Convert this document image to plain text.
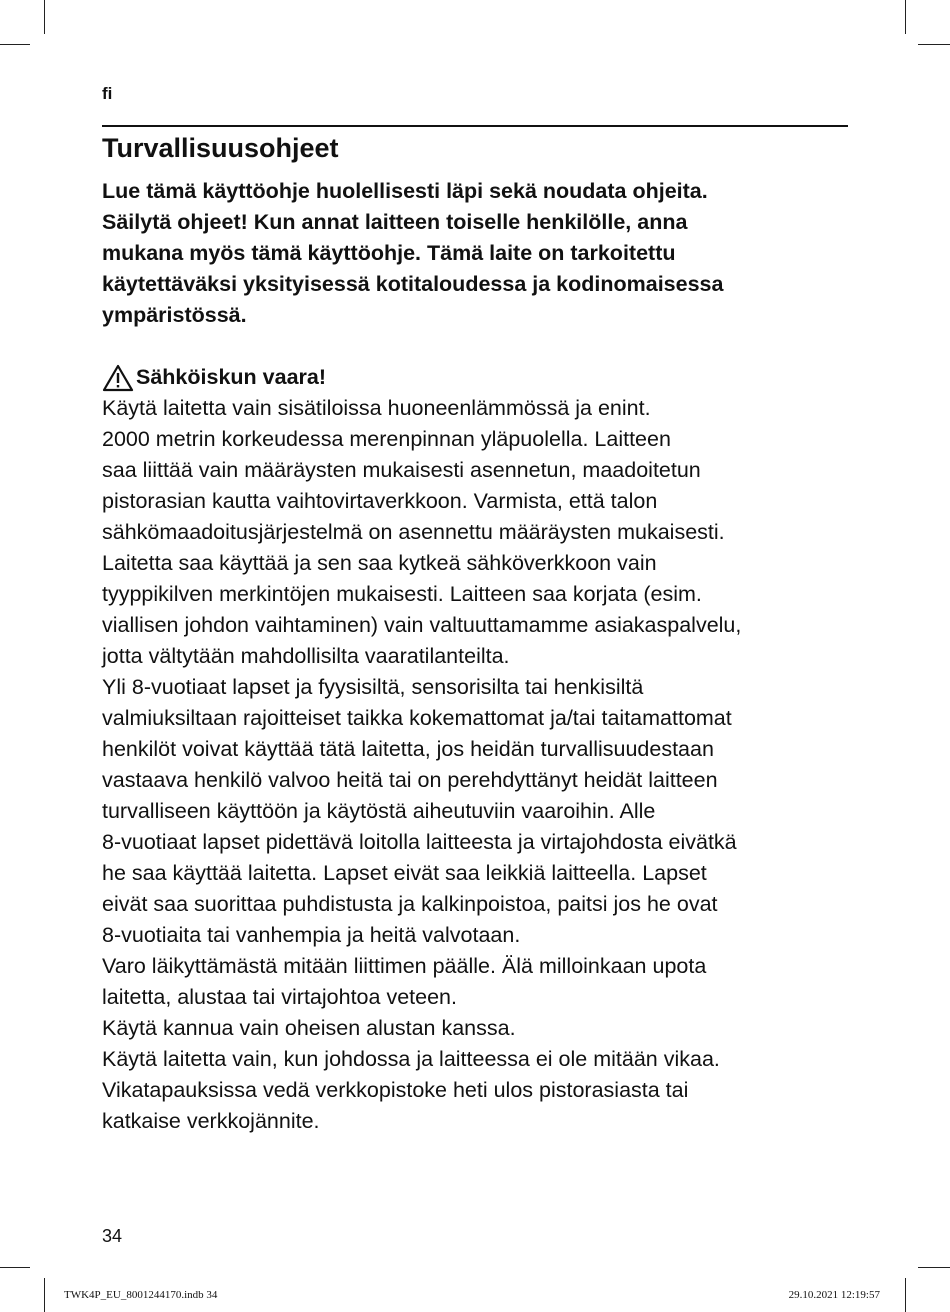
fi
Turvallisuusohjeet
Lue tämä käyttöohje huolellisesti läpi sekä noudata ohjeita.
Säilytä ohjeet! Kun annat laitteen toiselle henkilölle, anna
mukana myös tämä käyttöohje. Tämä laite on tarkoitettu
käytettäväksi yksityisessä kotitaloudessa ja kodinomaisessa
ympäristössä.
Sähköiskun vaara!
Käytä laitetta vain sisätiloissa huoneenlämmössä ja enint.
2000 metrin korkeudessa merenpinnan yläpuolella. Laitteen
saa liittää vain määräysten mukaisesti asennetun, maadoitetun
pistorasian kautta vaihtovirtaverkkoon. Varmista, että talon
sähkömaadoitusjärjestelmä on asennettu määräysten mukaisesti.
Laitetta saa käyttää ja sen saa kytkeä sähköverkkoon vain
tyyppikilven merkintöjen mukaisesti. Laitteen saa korjata (esim.
viallisen johdon vaihtaminen) vain valtuuttamamme asiakaspalvelu,
jotta vältytään mahdollisilta vaaratilanteilta.
Yli 8-vuotiaat lapset ja fyysisiltä, sensorisilta tai henkisiltä
valmiuksiltaan rajoitteiset taikka kokemattomat ja/tai taitamattomat
henkilöt voivat käyttää tätä laitetta, jos heidän turvallisuudestaan
vastaava henkilö valvoo heitä tai on perehdyttänyt heidät laitteen
turvalliseen käyttöön ja käytöstä aiheutuviin vaaroihin. Alle
8-vuotiaat lapset pidettävä loitolla laitteesta ja virtajohdosta eivätkä
he saa käyttää laitetta. Lapset eivät saa leikkiä laitteella. Lapset
eivät saa suorittaa puhdistusta ja kalkinpoistoa, paitsi jos he ovat
8-vuotiaita tai vanhempia ja heitä valvotaan.
Varo läikyttämästä mitään liittimen päälle. Älä milloinkaan upota
laitetta, alustaa tai virtajohtoa veteen.
Käytä kannua vain oheisen alustan kanssa.
Käytä laitetta vain, kun johdossa ja laitteessa ei ole mitään vikaa.
Vikatapauksissa vedä verkkopistoke heti ulos pistorasiasta tai
katkaise verkkojännite.
34
TWK4P_EU_8001244170.indb 34	29.10.2021 12:19:57
